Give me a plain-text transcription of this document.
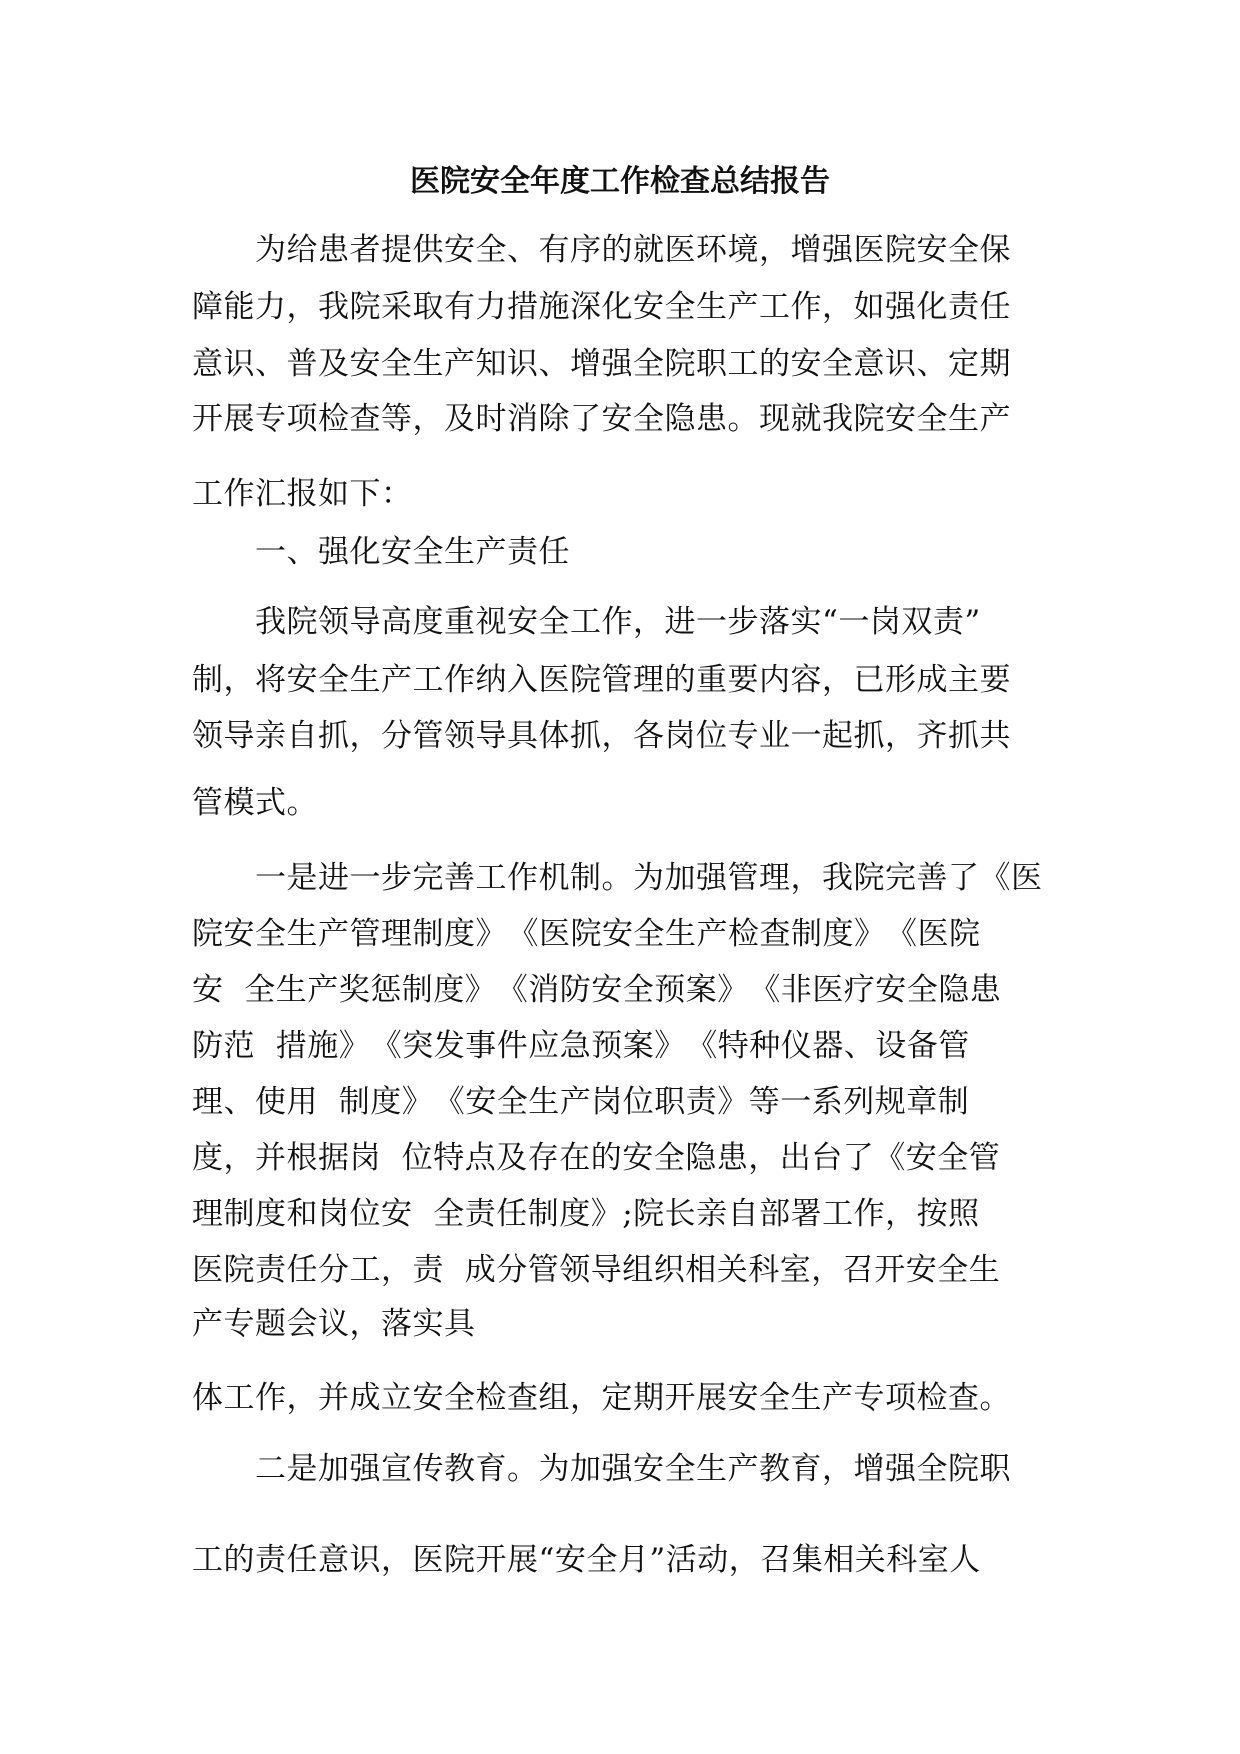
医院安全年度工作检查总结报告
　　为给患者提供安全、有序的就医环境，增强医院安全保
障能力，我院采取有力措施深化安全生产工作，如强化责任
意识、普及安全生产知识、增强全院职工的安全意识、定期
开展专项检查等，及时消除了安全隐患。现就我院安全生产
工作汇报如下：
　　一、强化安全生产责任
　　我院领导高度重视安全工作，进一步落实“一岗双责”
制，将安全生产工作纳入医院管理的重要内容，已形成主要
领导亲自抓，分管领导具体抓，各岗位专业一起抓，齐抓共
管模式。
　　一是进一步完善工作机制。为加强管理，我院完善了《医
院安全生产管理制度》　《医院安全生产检查制度》　《医院
安  全生产奖惩制度》　《消防安全预案》　《非医疗安全隐患
防范  措施》　《突发事件应急预案》　《特种仪器、设备管
理、使用  制度》　《安全生产岗位职责》等一系列规章制
度，并根据岗  位特点及存在的安全隐患，出台了《安全管
理制度和岗位安  全责任制度》;院长亲自部署工作，按照
医院责任分工，责  成分管领导组织相关科室，召开安全生
产专题会议，落实具
体工作，并成立安全检查组，定期开展安全生产专项检查。
　　二是加强宣传教育。为加强安全生产教育，增强全院职
工的责任意识，医院开展“安全月”活动，召集相关科室人
